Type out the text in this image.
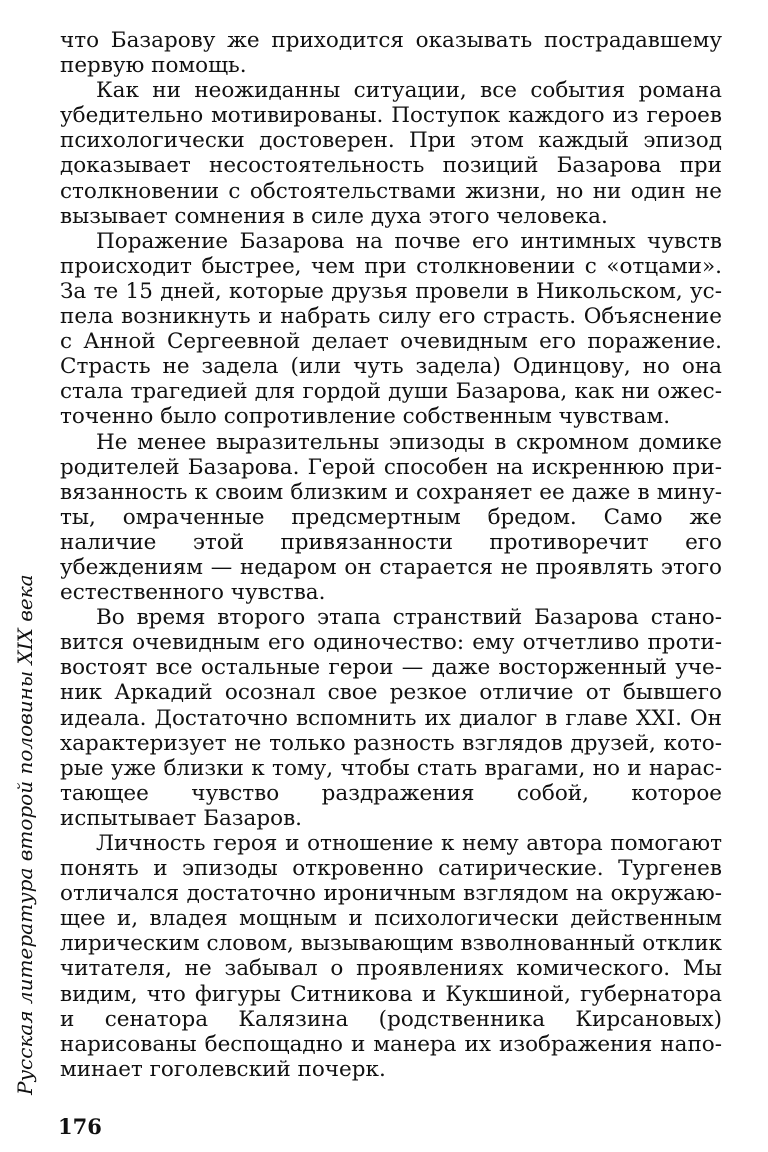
Русская литература второй половины XIX века

что Базарову же приходится оказывать пострадавшему первую помощь.

Как ни неожиданны ситуации, все события романа убедительно мотивированы. Поступок каждого из героев психологически достоверен. При этом каждый эпизод доказывает несостоятельность позиций Базарова при столкновении с обстоятельствами жизни, но ни один не вызывает сомнения в силе духа этого человека.

Поражение Базарова на почве его интимных чувств происходит быстрее, чем при столкновении с «отцами». За те 15 дней, которые друзья провели в Никольском, успела возникнуть и набрать силу его страсть. Объяснение с Анной Сергеевной делает очевидным его поражение. Страсть не задела (или чуть задела) Одинцову, но она стала трагедией для гордой души Базарова, как ни ожесточенно было сопротивление собственным чувствам.

Не менее выразительны эпизоды в скромном домике родителей Базарова. Герой способен на искреннюю привязанность к своим близким и сохраняет ее даже в минуты, омраченные предсмертным бредом. Само же наличие этой привязанности противоречит его убеждениям — недаром он старается не проявлять этого естественного чувства.

Во время второго этапа странствий Базарова становится очевидным его одиночество: ему отчетливо противостоят все остальные герои — даже восторженный ученик Аркадий осознал свое резкое отличие от бывшего идеала. Достаточно вспомнить их диалог в главе XXI. Он характеризует не только разность взглядов друзей, которые уже близки к тому, чтобы стать врагами, но и нарастающее чувство раздражения собой, которое испытывает Базаров.

Личность героя и отношение к нему автора помогают понять и эпизоды откровенно сатирические. Тургенев отличался достаточно ироничным взглядом на окружающее и, владея мощным и психологически действенным лирическим словом, вызывающим взволнованный отклик читателя, не забывал о проявлениях комического. Мы видим, что фигуры Ситникова и Кукшиной, губернатора и сенатора Калязина (родственника Кирсановых) нарисованы беспощадно и манера их изображения напоминает гоголевский почерк.

176
